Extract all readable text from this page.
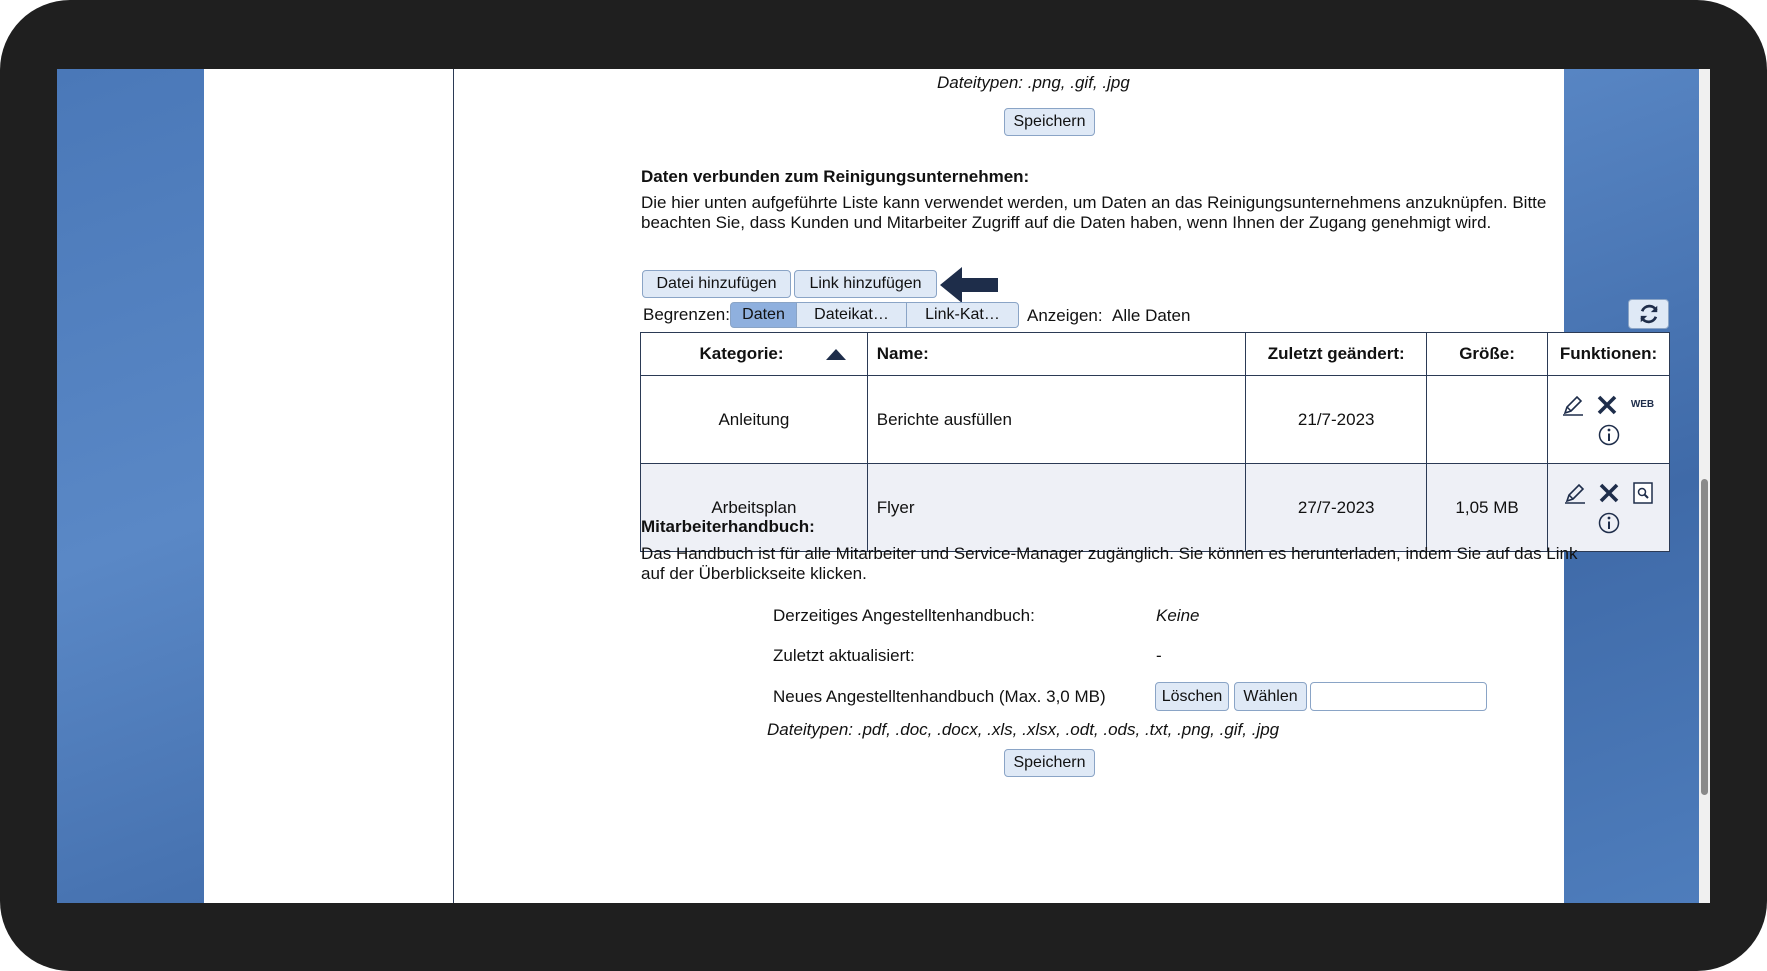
Dateitypen: .png, .gif, .jpg
Speichern
Daten verbunden zum Reinigungsunternehmen:
Die hier unten aufgeführte Liste kann verwendet werden, um Daten an das Reinigungsunternehmens anzuknüpfen. Bitte
beachten Sie, dass Kunden und Mitarbeiter Zugriff auf die Daten haben, wenn Ihnen der Zugang genehmigt wird.
Datei hinzufügen	Link hinzufügen
Begrenzen: Daten	Dateikat…	Link-Kat…	Anzeigen: Alle Daten
Kategorie:	Name:	Zuletzt geändert:	Größe:	Funktionen:
Anleitung	Berichte ausfüllen	21/7-2023		WEB

Arbeitsplan	Flyer	27/7-2023	1,05 MB	
Mitarbeiterhandbuch:
Das Handbuch ist für alle Mitarbeiter und Service-Manager zugänglich. Sie können es herunterladen, indem Sie auf das Link
auf der Überblickseite klicken.
Derzeitiges Angestelltenhandbuch:	Keine
Zuletzt aktualisiert:	-
Neues Angestelltenhandbuch (Max. 3,0 MB)	Löschen	Wählen
Dateitypen: .pdf, .doc, .docx, .xls, .xlsx, .odt, .ods, .txt, .png, .gif, .jpg
Speichern
